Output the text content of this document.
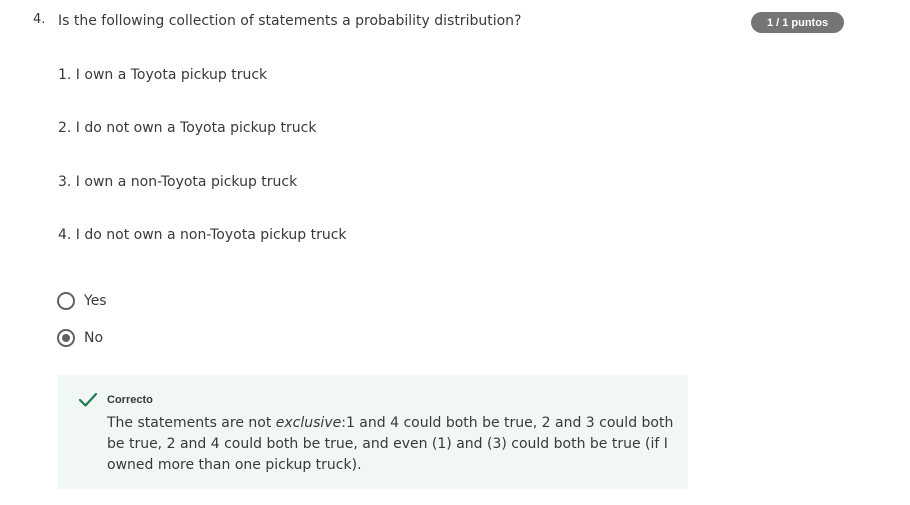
4. Is the following collection of statements a probability distribution?	1 / 1 puntos
1. I own a Toyota pickup truck
2. I do not own a Toyota pickup truck
3. I own a non-Toyota pickup truck
4. I do not own a non-Toyota pickup truck
Yes
No
Correcto
The statements are not exclusive:1 and 4 could both be true, 2 and 3 could both be true, 2 and 4 could both be true, and even (1) and (3) could both be true (if I owned more than one pickup truck).
